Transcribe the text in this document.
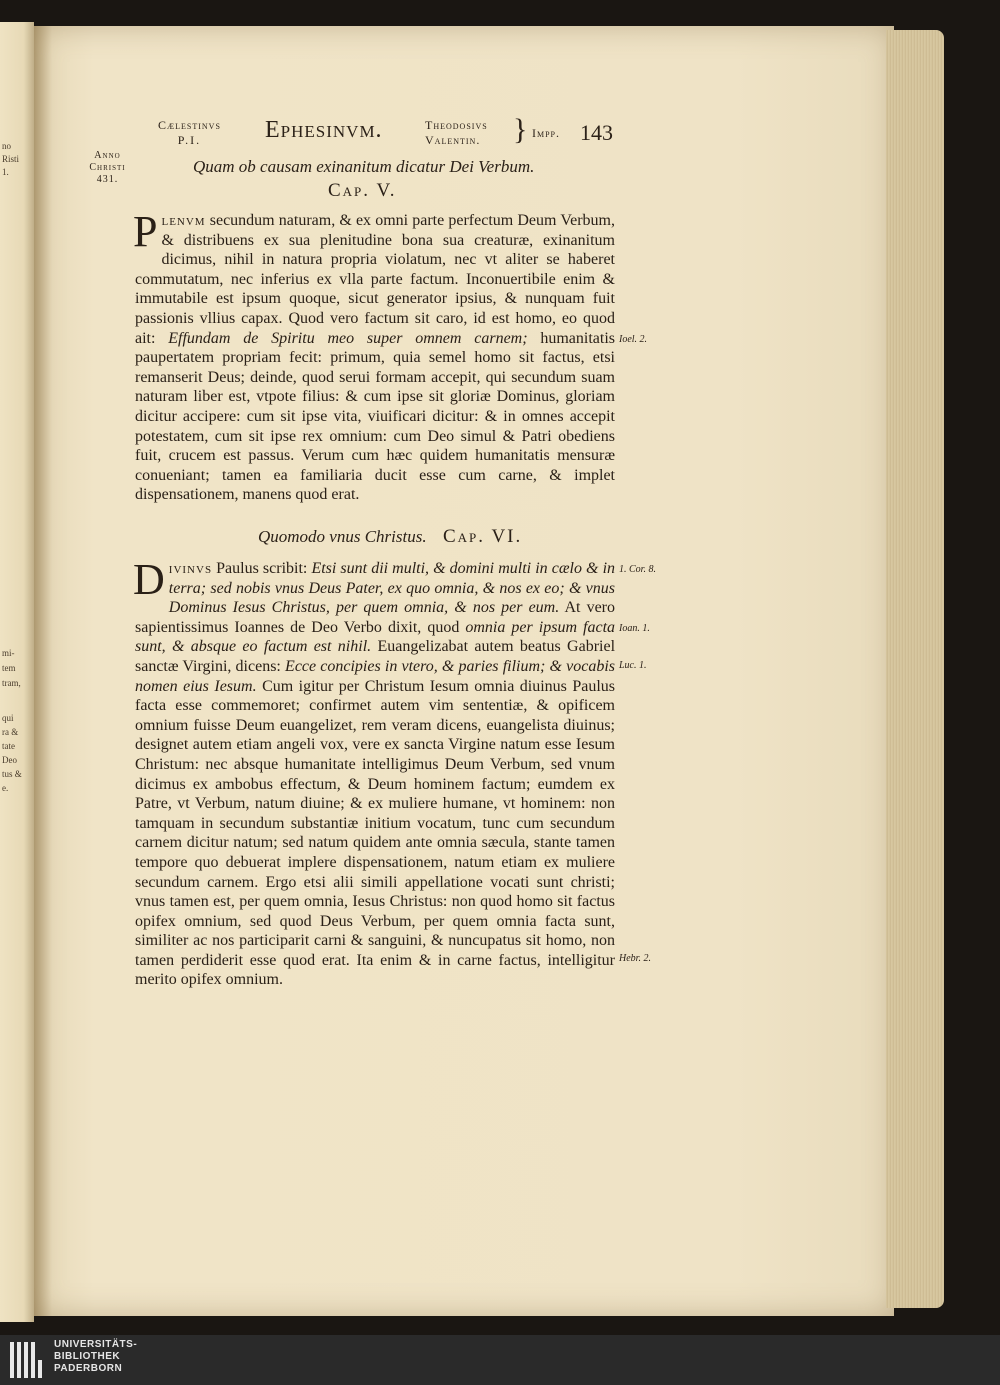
no
Risti
1.
mi-
tem
tram,
qui
ra &
tate
Deo
tus &
e.
Cælestinvs
P.I.	Ephesinvm.	Theodosivs
Valentin. } Impp. 143
Anno
Christi
431.
Quam ob causam exinanitum dicatur Dei Verbum.
Cap. V.
Plenvm secundum naturam, & ex omni parte perfectum Deum Verbum, & distribuens ex sua plenitudine bona sua creaturæ, exinanitum dicimus, nihil in natura propria violatum, nec vt aliter se haberet commutatum, nec inferius ex vlla parte factum. Inconuertibile enim & immutabile est ipsum quoque, sicut generator ipsius, & nunquam fuit passionis vllius capax. Quod vero factum sit caro, id est homo, eo quod ait: Effundam de Spiritu meo super omnem carnem; humanitatis paupertatem propriam fecit: primum, quia semel homo sit factus, etsi remanserit Deus; deinde, quod serui formam accepit, qui secundum suam naturam liber est, vtpote filius: & cum ipse sit gloriæ Dominus, gloriam dicitur accipere: cum sit ipse vita, viuificari dicitur: & in omnes accepit potestatem, cum sit ipse rex omnium: cum Deo simul & Patri obediens fuit, crucem est passus. Verum cum hæc quidem humanitatis mensuræ conueniant; tamen ea familiaria ducit esse cum carne, & implet dispensationem, manens quod erat.
Ioel. 2.
Quomodo vnus Christus. Cap. VI.
Divinvs Paulus scribit: Etsi sunt dii multi, & domini multi in cælo & in terra; sed nobis vnus Deus Pater, ex quo omnia, & nos ex eo; & vnus Dominus Iesus Christus, per quem omnia, & nos per eum. At vero sapientissimus Ioannes de Deo Verbo dixit, quod omnia per ipsum facta sunt, & absque eo factum est nihil. Euangelizabat autem beatus Gabriel sanctæ Virgini, dicens: Ecce concipies in vtero, & paries filium; & vocabis nomen eius Iesum. Cum igitur per Christum Iesum omnia diuinus Paulus facta esse commemoret; confirmet autem vim sententiæ, & opificem omnium fuisse Deum euangelizet, rem veram dicens, euangelista diuinus; designet autem etiam angeli vox, vere ex sancta Virgine natum esse Iesum Christum: nec absque humanitate intelligimus Deum Verbum, sed vnum dicimus ex ambobus effectum, & Deum hominem factum; eumdem ex Patre, vt Verbum, natum diuine; & ex muliere humane, vt hominem: non tamquam in secundum substantiæ initium vocatum, tunc cum secundum carnem dicitur natum; sed natum quidem ante omnia sæcula, stante tamen tempore quo debuerat implere dispensationem, natum etiam ex muliere secundum carnem. Ergo etsi alii simili appellatione vocati sunt christi; vnus tamen est, per quem omnia, Iesus Christus: non quod homo sit factus opifex omnium, sed quod Deus Verbum, per quem omnia facta sunt, similiter ac nos participarit carni & sanguini, & nuncupatus sit homo, non tamen perdiderit esse quod erat. Ita enim & in carne factus, intelligitur merito opifex omnium.
1. Cor. 8.
Ioan. 1.
Luc. 1.
Hebr. 2.
UNIVERSITÄTS-
BIBLIOTHEK
PADERBORN
